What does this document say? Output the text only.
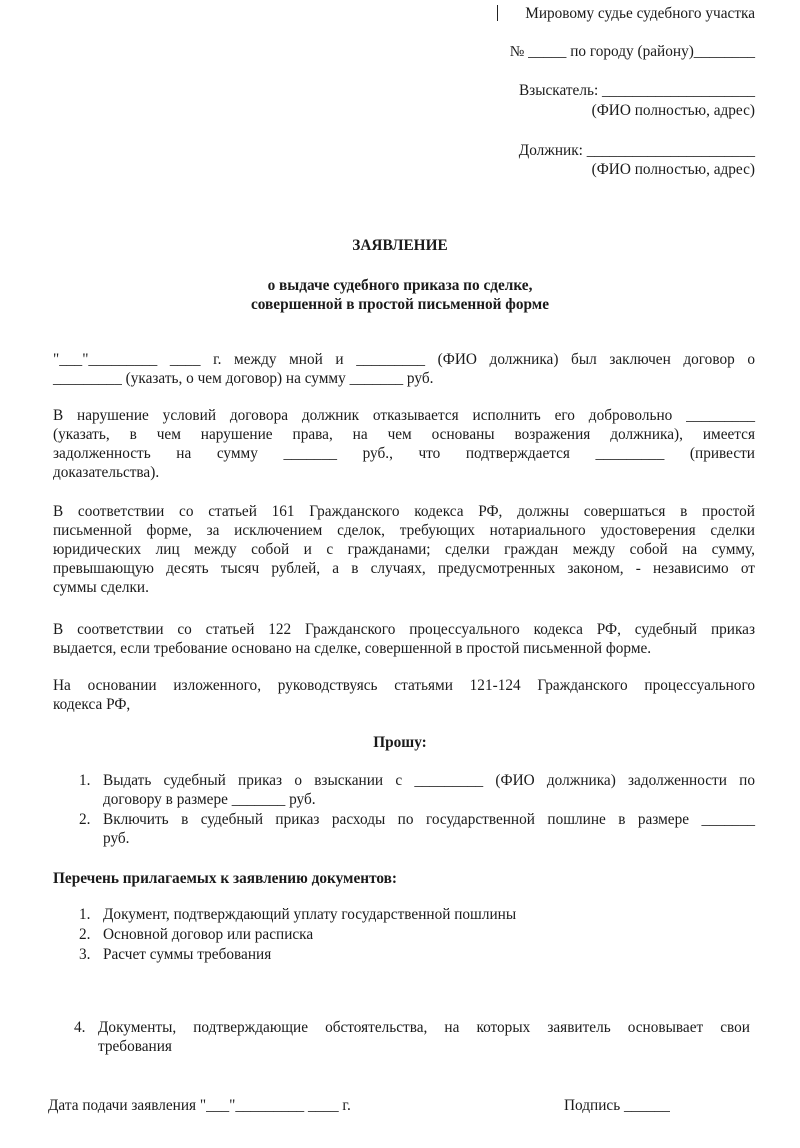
Мировому судье судебного участка
№ _____ по городу (району)________
Взыскатель: ____________________
(ФИО полностью, адрес)
Должник: ______________________
(ФИО полностью, адрес)
ЗАЯВЛЕНИЕ
о выдаче судебного приказа по сделке,
совершенной в простой письменной форме
"___"_________ ____ г. между мной и _________ (ФИО должника) был заключен договор о
_________ (указать, о чем договор) на сумму _______ руб.
В нарушение условий договора должник отказывается исполнить его добровольно _________
(указать, в чем нарушение права, на чем основаны возражения должника), имеется
задолженность на сумму _______ руб., что подтверждается _________ (привести
доказательства).
В соответствии со статьей 161 Гражданского кодекса РФ, должны совершаться в простой
письменной форме, за исключением сделок, требующих нотариального удостоверения сделки
юридических лиц между собой и с гражданами; сделки граждан между собой на сумму,
превышающую десять тысяч рублей, а в случаях, предусмотренных законом, - независимо от
суммы сделки.
В соответствии со статьей 122 Гражданского процессуального кодекса РФ, судебный приказ
выдается, если требование основано на сделке, совершенной в простой письменной форме.
На основании изложенного, руководствуясь статьями 121-124 Гражданского процессуального
кодекса РФ,
Прошу:
1. Выдать судебный приказ о взыскании с _________ (ФИО должника) задолженности по
договору в размере _______ руб.
2. Включить в судебный приказ расходы по государственной пошлине в размере _______
руб.
Перечень прилагаемых к заявлению документов:
1. Документ, подтверждающий уплату государственной пошлины
2. Основной договор или расписка
3. Расчет суммы требования
4. Документы, подтверждающие обстоятельства, на которых заявитель основывает свои
требования
Дата подачи заявления "___"_________ ____ г.	Подпись ______
